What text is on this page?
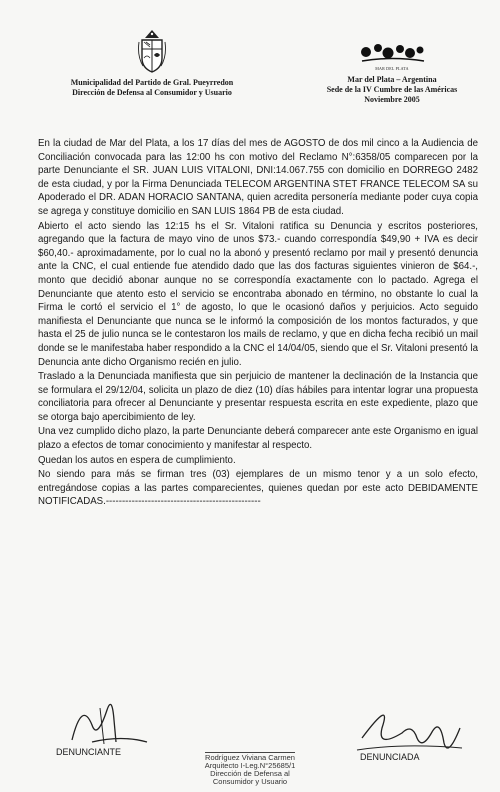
Municipalidad del Partido de Gral. Pueyrredon
Dirección de Defensa al Consumidor y Usuario
MAR DEL PLATA
Mar del Plata – Argentina
Sede de la IV Cumbre de las Américas
Noviembre 2005

En la ciudad de Mar del Plata, a los 17 días del mes de AGOSTO de dos mil cinco a la Audiencia de Conciliación convocada para las 12:00 hs con motivo del Reclamo N°:6358/05 comparecen por la parte Denunciante el SR. JUAN LUIS VITALONI, DNI:14.067.755 con domicilio en DORREGO 2482 de esta ciudad, y por la Firma Denunciada TELECOM ARGENTINA STET FRANCE TELECOM SA su Apoderado el DR. ADAN HORACIO SANTANA, quien acredita personería mediante poder cuya copia se agrega y constituye domicilio en SAN LUIS 1864 PB de esta ciudad.

Abierto el acto siendo las 12:15 hs el Sr. Vitaloni ratifica su Denuncia y escritos posteriores, agregando que la factura de mayo vino de unos $73.- cuando correspondía $49,90 + IVA es decir $60,40.- aproximadamente, por lo cual no la abonó y presentó reclamo por mail y presentó denuncia ante la CNC, el cual entiende fue atendido dado que las dos facturas siguientes vinieron de $64.-, monto que decidió abonar aunque no se correspondía exactamente con lo pactado. Agrega el Denunciante que atento esto el servicio se encontraba abonado en término, no obstante lo cual la Firma le cortó el servicio el 1° de agosto, lo que le ocasionó daños y perjuicios. Acto seguido manifiesta el Denunciante que nunca se le informó la composición de los montos facturados, y que hasta el 25 de julio nunca se le contestaron los mails de reclamo, y que en dicha fecha recibió un mail donde se le manifestaba haber respondido a la CNC el 14/04/05, siendo que el Sr. Vitaloni presentó la Denuncia ante dicho Organismo recién en julio.

Traslado a la Denunciada manifiesta que sin perjuicio de mantener la declinación de la Instancia que se formulara el 29/12/04, solicita un plazo de diez (10) días hábiles para intentar lograr una propuesta conciliatoria para ofrecer al Denunciante y presentar respuesta escrita en este expediente, plazo que se otorga bajo apercibimiento de ley.

Una vez cumplido dicho plazo, la parte Denunciante deberá comparecer ante este Organismo en igual plazo a efectos de tomar conocimiento y manifestar al respecto.

Quedan los autos en espera de cumplimiento.

No siendo para más se firman tres (03) ejemplares de un mismo tenor y a un solo efecto, entregándose copias a las partes comparecientes, quienes quedan por este acto DEBIDAMENTE NOTIFICADAS.------------------------------------------------

DENUNCIANTE	DENUNCIADA
Rodríguez Viviana Carmen
Arquitecto I-Leg.N°25685/1
Dirección de Defensa al
Consumidor y Usuario
